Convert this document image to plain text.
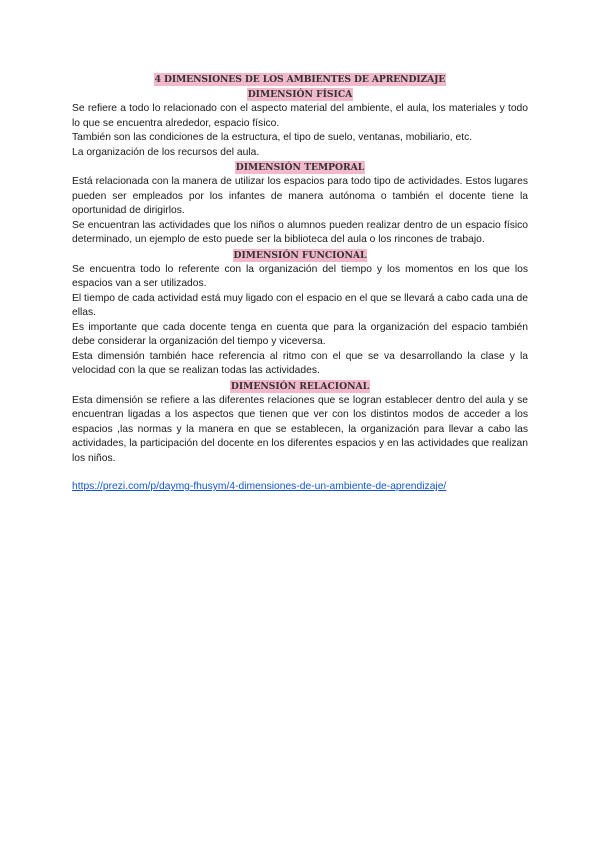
4 DIMENSIONES DE LOS AMBIENTES DE APRENDIZAJE
DIMENSIÓN FÍSICA

Se refiere a todo lo relacionado con el aspecto material del ambiente, el aula, los materiales y todo lo que se encuentra alrededor, espacio físico.

También son las condiciones de la estructura, el tipo de suelo, ventanas, mobiliario, etc.

La organización de los recursos del aula.

DIMENSIÓN TEMPORAL

Está relacionada con la manera de utilizar los espacios para todo tipo de actividades. Estos lugares pueden ser empleados por los infantes de manera autónoma o también el docente tiene la oportunidad de dirigirlos.

Se encuentran las actividades que los niños o alumnos pueden realizar dentro de un espacio físico determinado, un ejemplo de esto puede ser la biblioteca del aula o los rincones de trabajo.

DIMENSIÓN FUNCIONAL

Se encuentra todo lo referente con la organización del tiempo y los momentos en los que los espacios van a ser utilizados.

El tiempo de cada actividad está muy ligado con el espacio en el que se llevará a cabo cada una de ellas.

Es importante que cada docente tenga en cuenta que para la organización del espacio también debe considerar la organización del tiempo y viceversa.

Esta dimensión también hace referencia al ritmo con el que se va desarrollando la clase y la velocidad con la que se realizan todas las actividades.

DIMENSIÓN RELACIONAL

Esta dimensión se refiere a las diferentes relaciones que se logran establecer dentro del aula y se encuentran ligadas a los aspectos que tienen que ver con los distintos modos de acceder a los espacios ,las normas y la manera en que se establecen, la organización para llevar a cabo las actividades, la participación del docente en los diferentes espacios y en las actividades que realizan los niños.

https://prezi.com/p/daymg-fhusym/4-dimensiones-de-un-ambiente-de-aprendizaje/
